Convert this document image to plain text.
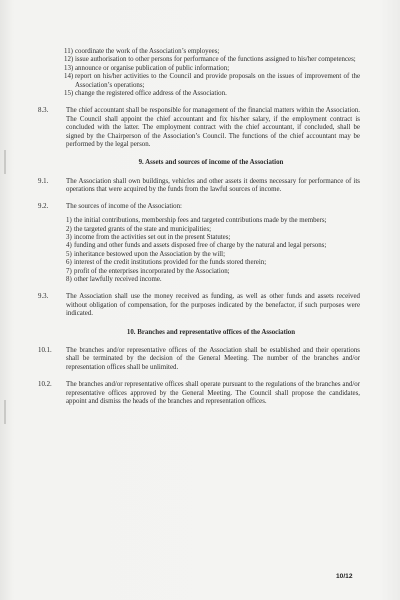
11) coordinate the work of the Association’s employees;
12) issue authorisation to other persons for performance of the functions assigned to his/her competences;
13) announce or organise publication of public information;
14) report on his/her activities to the Council and provide proposals on the issues of improvement of the Association’s operations;
15) change the registered office address of the Association.
8.3.	The chief accountant shall be responsible for management of the financial matters within the Association. The Council shall appoint the chief accountant and fix his/her salary, if the employment contract is concluded with the latter. The employment contract with the chief accountant, if concluded, shall be signed by the Chairperson of the Association’s Council. The functions of the chief accountant may be performed by the legal person.
9. Assets and sources of income of the Association
9.1.	The Association shall own buildings, vehicles and other assets it deems necessary for performance of its operations that were acquired by the funds from the lawful sources of income.
9.2.	The sources of income of the Association:
1) the initial contributions, membership fees and targeted contributions made by the members;
2) the targeted grants of the state and municipalities;
3) income from the activities set out in the present Statutes;
4) funding and other funds and assets disposed free of charge by the natural and legal persons;
5) inheritance bestowed upon the Association by the will;
6) interest of the credit institutions provided for the funds stored therein;
7) profit of the enterprises incorporated by the Association;
8) other lawfully received income.
9.3.	The Association shall use the money received as funding, as well as other funds and assets received without obligation of compensation, for the purposes indicated by the benefactor, if such purposes were indicated.
10. Branches and representative offices of the Association
10.1.	The branches and/or representative offices of the Association shall be established and their operations shall be terminated by the decision of the General Meeting. The number of the branches and/or representation offices shall be unlimited.
10.2.	The branches and/or representative offices shall operate pursuant to the regulations of the branches and/or representative offices approved by the General Meeting. The Council shall propose the candidates, appoint and dismiss the heads of the branches and representation offices.
10/12
